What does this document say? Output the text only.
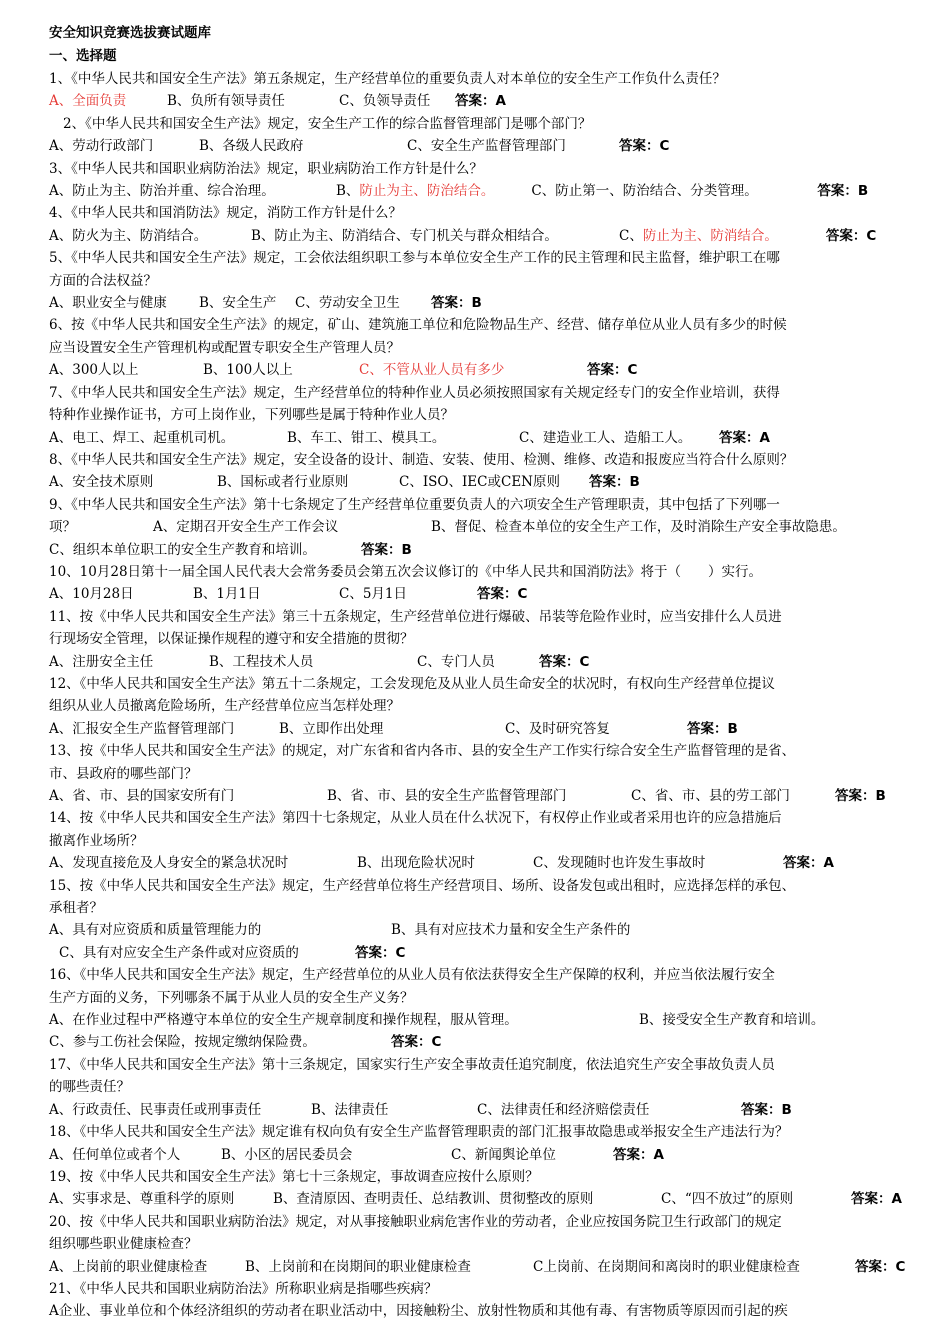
安全知识竞赛选拔赛试题库
一、选择题
1、《中华人民共和国安全生产法》第五条规定，生产经营单位的重要负责人对本单位的安全生产工作负什么责任？
A、全面负责	B、负所有领导责任	C、负领导责任 答案：A
2、《中华人民共和国安全生产法》规定，安全生产工作的综合监督管理部门是哪个部门？
A、劳动行政部门	B、各级人民政府	C、安全生产监督管理部门	答案：C
3、《中华人民共和国职业病防治法》规定，职业病防治工作方针是什么？
A、防止为主、防治并重、综合治理。	B、防止为主、防治结合。	C、防止第一、防治结合、分类管理。	答案：B
4、《中华人民共和国消防法》规定，消防工作方针是什么？
A、防火为主、防消结合。	B、防止为主、防消结合、专门机关与群众相结合。	C、防止为主、防消结合。	答案：C
5、《中华人民共和国安全生产法》规定，工会依法组织职工参与本单位安全生产工作的民主管理和民主监督，维护职工在哪
方面的合法权益？
A、职业安全与健康 B、安全生产 C、劳动安全卫生 答案：B
6、按《中华人民共和国安全生产法》的规定，矿山、建筑施工单位和危险物品生产、经营、储存单位从业人员有多少的时候
应当设置安全生产管理机构或配置专职安全生产管理人员？
A、300人以上	B、100人以上	C、不管从业人员有多少	答案：C
7、《中华人民共和国安全生产法》规定，生产经营单位的特种作业人员必须按照国家有关规定经专门的安全作业培训，获得
特种作业操作证书，方可上岗作业，下列哪些是属于特种作业人员？
A、电工、焊工、起重机司机。	B、车工、钳工、模具工。	C、建造业工人、造船工人。 答案：A
8、《中华人民共和国安全生产法》规定，安全设备的设计、制造、安装、使用、检测、维修、改造和报废应当符合什么原则？
A、安全技术原则	B、国标或者行业原则	C、ISO、IEC或CEN原则 答案：B
9、《中华人民共和国安全生产法》第十七条规定了生产经营单位重要负责人的六项安全生产管理职责，其中包括了下列哪一
项？	A、定期召开安全生产工作会议	B、督促、检查本单位的安全生产工作，及时消除生产安全事故隐患。
C、组织本单位职工的安全生产教育和培训。	答案：B
10、10月28日第十一届全国人民代表大会常务委员会第五次会议修订的《中华人民共和国消防法》将于（　　）实行。
A、10月28日	B、1月1日	C、5月1日	答案：C
11、按《中华人民共和国安全生产法》第三十五条规定，生产经营单位进行爆破、吊装等危险作业时，应当安排什么人员进
行现场安全管理，以保证操作规程的遵守和安全措施的贯彻？
A、注册安全主任	B、工程技术人员	C、专门人员	答案：C
12、《中华人民共和国安全生产法》第五十二条规定，工会发现危及从业人员生命安全的状况时，有权向生产经营单位提议
组织从业人员撤离危险场所，生产经营单位应当怎样处理？
A、汇报安全生产监督管理部门	B、立即作出处理	C、及时研究答复	答案：B
13、按《中华人民共和国安全生产法》的规定，对广东省和省内各市、县的安全生产工作实行综合安全生产监督管理的是省、
市、县政府的哪些部门？
A、省、市、县的国家安所有门	B、省、市、县的安全生产监督管理部门	C、省、市、县的劳工部门	答案：B
14、按《中华人民共和国安全生产法》第四十七条规定，从业人员在什么状况下，有权停止作业或者采用也许的应急措施后
撤离作业场所？
A、发现直接危及人身安全的紧急状况时	B、出现危险状况时	C、发现随时也许发生事故时	答案：A
15、按《中华人民共和国安全生产法》规定，生产经营单位将生产经营项目、场所、设备发包或出租时，应选择怎样的承包、
承租者？
A、具有对应资质和质量管理能力的	B、具有对应技术力量和安全生产条件的
C、具有对应安全生产条件或对应资质的	答案：C
16、《中华人民共和国安全生产法》规定，生产经营单位的从业人员有依法获得安全生产保障的权利，并应当依法履行安全
生产方面的义务，下列哪条不属于从业人员的安全生产义务？
A、在作业过程中严格遵守本单位的安全生产规章制度和操作规程，服从管理。	B、接受安全生产教育和培训。
C、参与工伤社会保险，按规定缴纳保险费。	答案：C
17、《中华人民共和国安全生产法》第十三条规定，国家实行生产安全事故责任追究制度，依法追究生产安全事故负责人员
的哪些责任？
A、行政责任、民事责任或刑事责任	B、法律责任	C、法律责任和经济赔偿责任	答案：B
18、《中华人民共和国安全生产法》规定谁有权向负有安全生产监督管理职责的部门汇报事故隐患或举报安全生产违法行为？
A、任何单位或者个人	B、小区的居民委员会	C、新闻舆论单位	答案：A
19、按《中华人民共和国安全生产法》第七十三条规定，事故调查应按什么原则？
A、实事求是、尊重科学的原则	B、查清原因、查明责任、总结教训、贯彻整改的原则	C、“四不放过”的原则	答案：A
20、按《中华人民共和国职业病防治法》规定，对从事接触职业病危害作业的劳动者，企业应按国务院卫生行政部门的规定
组织哪些职业健康检查？
A、上岗前的职业健康检查	B、上岗前和在岗期间的职业健康检查	C上岗前、在岗期间和离岗时的职业健康检查	答案：C
21、《中华人民共和国职业病防治法》所称职业病是指哪些疾病？
A企业、事业单位和个体经济组织的劳动者在职业活动中，因接触粉尘、放射性物质和其他有毒、有害物质等原因而引起的疾
